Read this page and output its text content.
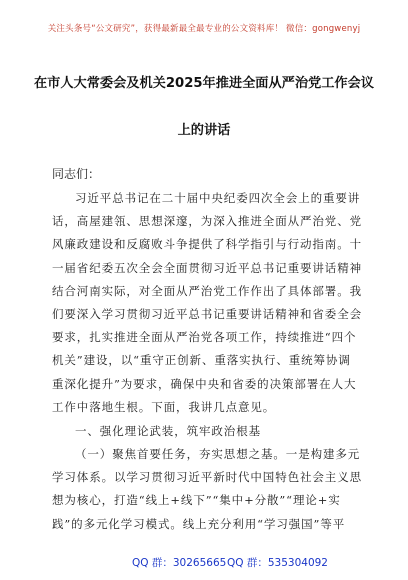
关注头条号“公文研究”，获得最新最全最专业的公文资料库！ 微信：gongwenyj
在市人大常委会及机关2025年推进全面从严治党工作会议
上的讲话
同志们：
习近平总书记在二十届中央纪委四次全会上的重要讲
话，高屋建瓴、思想深邃，为深入推进全面从严治党、党
风廉政建设和反腐败斗争提供了科学指引与行动指南。十
一届省纪委五次全会全面贯彻习近平总书记重要讲话精神
结合河南实际，对全面从严治党工作作出了具体部署。我
们要深入学习贯彻习近平总书记重要讲话精神和省委全会
要求，扎实推进全面从严治党各项工作，持续推进“四个
机关”建设，以“重守正创新、重落实执行、重统筹协调
重深化提升”为要求，确保中央和省委的决策部署在人大
工作中落地生根。下面，我讲几点意见。
一、强化理论武装，筑牢政治根基
（一）聚焦首要任务，夯实思想之基。一是构建多元
学习体系。以学习贯彻习近平新时代中国特色社会主义思
想为核心，打造“线上+线下”“集中+分散”“理论+实
践”的多元化学习模式。线上充分利用“学习强国”等平
QQ 群：30265665 QQ 群：535304092
